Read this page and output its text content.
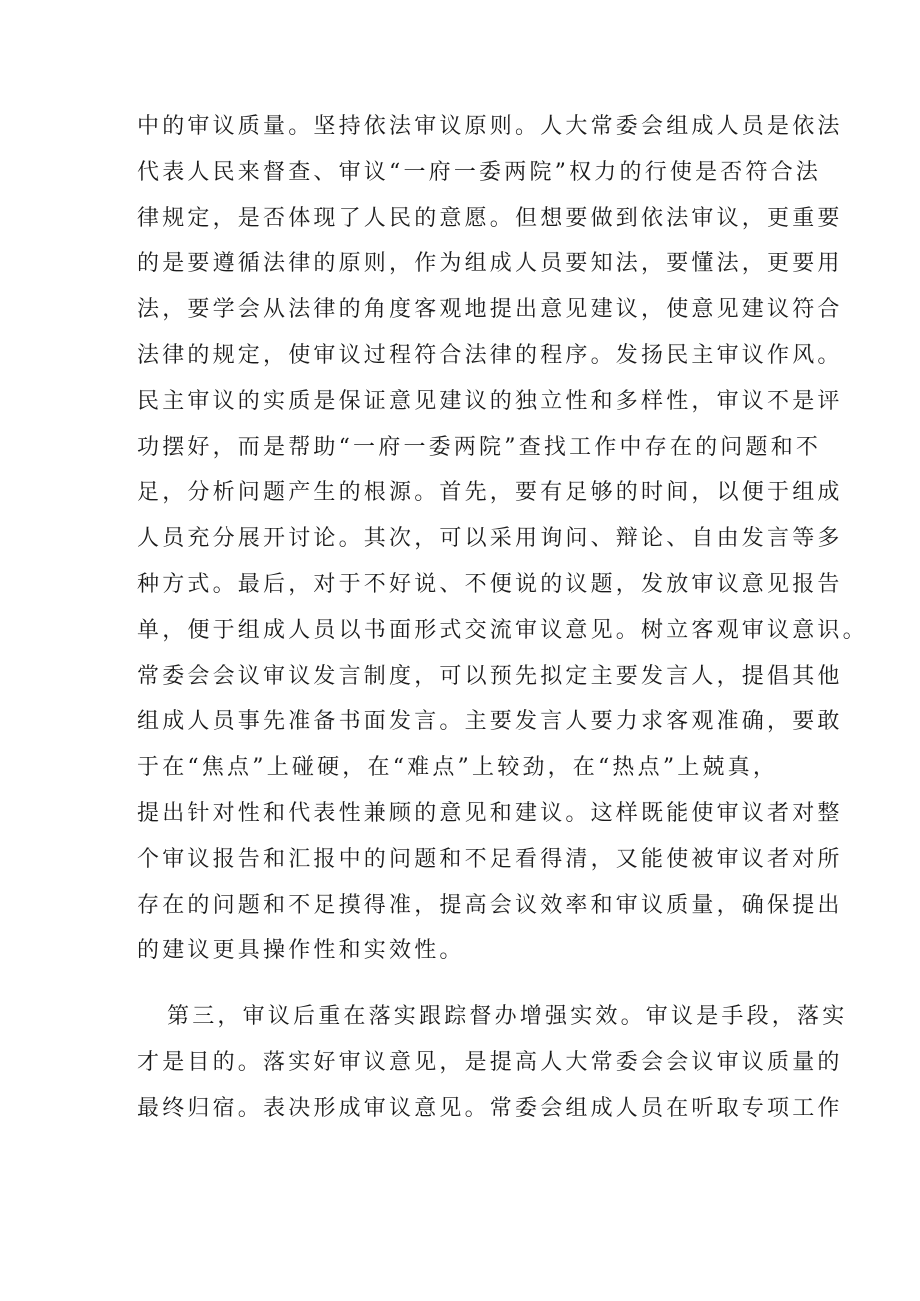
中的审议质量。坚持依法审议原则。人大常委会组成人员是依法
代表人民来督查、审议“一府一委两院”权力的行使是否符合法
律规定，是否体现了人民的意愿。但想要做到依法审议，更重要
的是要遵循法律的原则，作为组成人员要知法，要懂法，更要用
法，要学会从法律的角度客观地提出意见建议，使意见建议符合
法律的规定，使审议过程符合法律的程序。发扬民主审议作风。
民主审议的实质是保证意见建议的独立性和多样性，审议不是评
功摆好，而是帮助“一府一委两院”查找工作中存在的问题和不
足，分析问题产生的根源。首先，要有足够的时间，以便于组成
人员充分展开讨论。其次，可以采用询问、辩论、自由发言等多
种方式。最后，对于不好说、不便说的议题，发放审议意见报告
单，便于组成人员以书面形式交流审议意见。树立客观审议意识。
常委会会议审议发言制度，可以预先拟定主要发言人，提倡其他
组成人员事先准备书面发言。主要发言人要力求客观准确，要敢
于在“焦点”上碰硬，在“难点”上较劲，在“热点”上兢真，
提出针对性和代表性兼顾的意见和建议。这样既能使审议者对整
个审议报告和汇报中的问题和不足看得清，又能使被审议者对所
存在的问题和不足摸得准，提高会议效率和审议质量，确保提出
的建议更具操作性和实效性。
第三，审议后重在落实跟踪督办增强实效。审议是手段，落实
才是目的。落实好审议意见，是提高人大常委会会议审议质量的
最终归宿。表决形成审议意见。常委会组成人员在听取专项工作
